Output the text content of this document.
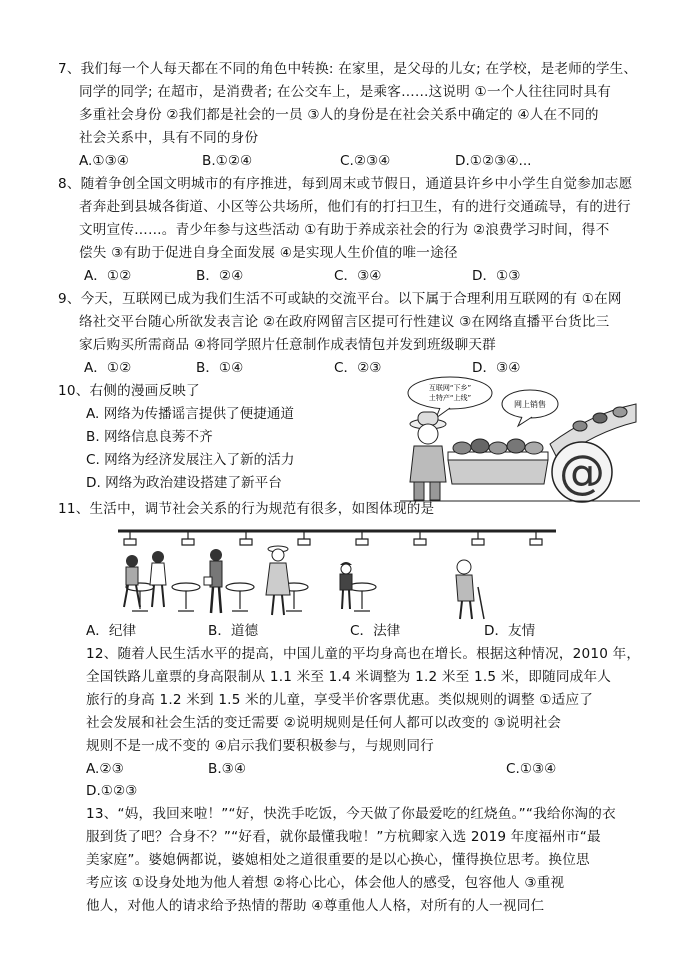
7、我们每一个人每天都在不同的角色中转换: 在家里，是父母的儿女; 在学校，是老师的学生、
同学的同学; 在超市，是消费者; 在公交车上，是乘客……这说明 ①一个人往往同时具有
多重社会身份 ②我们都是社会的一员 ③人的身份是在社会关系中确定的 ④人在不同的
社会关系中，具有不同的身份
A.①③④	B.①②④	C.②③④	D.①②③④...
8、随着争创全国文明城市的有序推进，每到周末或节假日，通道县许乡中小学生自觉参加志愿
者奔赴到县城各街道、小区等公共场所，他们有的打扫卫生，有的进行交通疏导，有的进行
文明宣传……。青少年参与这些活动 ①有助于养成亲社会的行为 ②浪费学习时间，得不
偿失 ③有助于促进自身全面发展 ④是实现人生价值的唯一途径
A．①②	B．②④	C．③④	D．①③
9、今天，互联网已成为我们生活不可或缺的交流平台。以下属于合理利用互联网的有 ①在网
络社交平台随心所欲发表言论 ②在政府网留言区提可行性建议 ③在网络直播平台货比三
家后购买所需商品 ④将同学照片任意制作成表情包并发到班级聊天群
A．①②	B．①④	C．②③	D．③④
10、右侧的漫画反映了
A. 网络为传播谣言提供了便捷通道
B. 网络信息良莠不齐
C. 网络为经济发展注入了新的活力
D. 网络为政治建设搭建了新平台
互联网“下乡”
土特产“上线”
网上销售
@
11、生活中，调节社会关系的行为规范有很多，如图体现的是
A．纪律	B．道德	C．法律	D．友情
12、随着人民生活水平的提高，中国儿童的平均身高也在增长。根据这种情况，2010 年，
全国铁路儿童票的身高限制从 1.1 米至 1.4 米调整为 1.2 米至 1.5 米，即随同成年人
旅行的身高 1.2 米到 1.5 米的儿童，享受半价客票优惠。类似规则的调整 ①适应了
社会发展和社会生活的变迁需要 ②说明规则是任何人都可以改变的 ③说明社会
规则不是一成不变的 ④启示我们要积极参与，与规则同行
A.②③	B.③④	C.①③④
D.①②③
13、“妈，我回来啦！”“好，快洗手吃饭，今天做了你最爱吃的红烧鱼。”“我给你淘的衣
服到货了吧？合身不？”“好看，就你最懂我啦！”方杭卿家入选 2019 年度福州市“最
美家庭”。婆媳俩都说，婆媳相处之道很重要的是以心换心，懂得换位思考。换位思
考应该 ①设身处地为他人着想 ②将心比心，体会他人的感受，包容他人 ③重视
他人，对他人的请求给予热情的帮助 ④尊重他人人格，对所有的人一视同仁
